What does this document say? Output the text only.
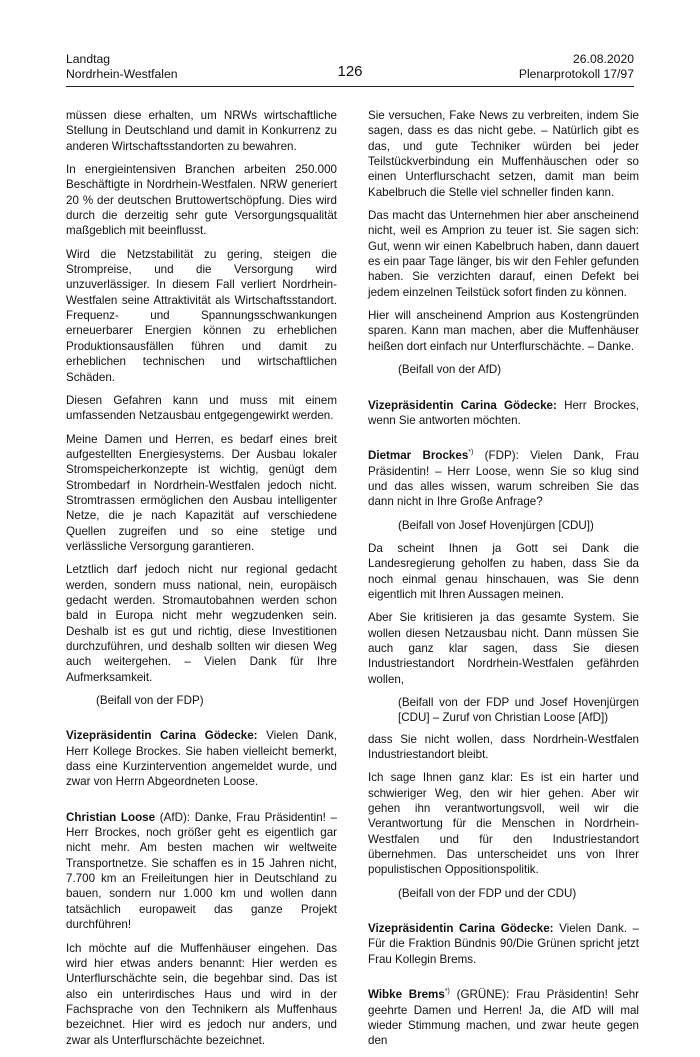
Landtag
Nordrhein-Westfalen	126
26.08.2020
Plenarprotokoll 17/97

müssen diese erhalten, um NRWs wirtschaftliche Stellung in Deutschland und damit in Konkurrenz zu anderen Wirtschaftsstandorten zu bewahren.

In energieintensiven Branchen arbeiten 250.000 Beschäftigte in Nordrhein-Westfalen. NRW generiert 20 % der deutschen Bruttowertschöpfung. Dies wird durch die derzeitig sehr gute Versorgungsqualität maßgeblich mit beeinflusst.

Wird die Netzstabilität zu gering, steigen die Strompreise, und die Versorgung wird unzuverlässiger. In diesem Fall verliert Nordrhein-Westfalen seine Attraktivität als Wirtschaftsstandort. Frequenz- und Spannungsschwankungen erneuerbarer Energien können zu erheblichen Produktionsausfällen führen und damit zu erheblichen technischen und wirtschaftlichen Schäden.

Diesen Gefahren kann und muss mit einem umfassenden Netzausbau entgegengewirkt werden.

Meine Damen und Herren, es bedarf eines breit aufgestellten Energiesystems. Der Ausbau lokaler Stromspeicherkonzepte ist wichtig, genügt dem Strombedarf in Nordrhein-Westfalen jedoch nicht. Stromtrassen ermöglichen den Ausbau intelligenter Netze, die je nach Kapazität auf verschiedene Quellen zugreifen und so eine stetige und verlässliche Versorgung garantieren.

Letztlich darf jedoch nicht nur regional gedacht werden, sondern muss national, nein, europäisch gedacht werden. Stromautobahnen werden schon bald in Europa nicht mehr wegzudenken sein. Deshalb ist es gut und richtig, diese Investitionen durchzuführen, und deshalb sollten wir diesen Weg auch weitergehen. – Vielen Dank für Ihre Aufmerksamkeit.

(Beifall von der FDP)

Vizepräsidentin Carina Gödecke: Vielen Dank, Herr Kollege Brockes. Sie haben vielleicht bemerkt, dass eine Kurzintervention angemeldet wurde, und zwar von Herrn Abgeordneten Loose.

Christian Loose (AfD): Danke, Frau Präsidentin! – Herr Brockes, noch größer geht es eigentlich gar nicht mehr. Am besten machen wir weltweite Transportnetze. Sie schaffen es in 15 Jahren nicht, 7.700 km an Freileitungen hier in Deutschland zu bauen, sondern nur 1.000 km und wollen dann tatsächlich europaweit das ganze Projekt durchführen!

Ich möchte auf die Muffenhäuser eingehen. Das wird hier etwas anders benannt: Hier werden es Unterflurschächte sein, die begehbar sind. Das ist also ein unterirdisches Haus und wird in der Fachsprache von den Technikern als Muffenhaus bezeichnet. Hier wird es jedoch nur anders, und zwar als Unterflurschächte bezeichnet.

Sie versuchen, Fake News zu verbreiten, indem Sie sagen, dass es das nicht gebe. – Natürlich gibt es das, und gute Techniker würden bei jeder Teilstückverbindung ein Muffenhäuschen oder so einen Unterflurschacht setzen, damit man beim Kabelbruch die Stelle viel schneller finden kann.

Das macht das Unternehmen hier aber anscheinend nicht, weil es Amprion zu teuer ist. Sie sagen sich: Gut, wenn wir einen Kabelbruch haben, dann dauert es ein paar Tage länger, bis wir den Fehler gefunden haben. Sie verzichten darauf, einen Defekt bei jedem einzelnen Teilstück sofort finden zu können.

Hier will anscheinend Amprion aus Kostengründen sparen. Kann man machen, aber die Muffenhäuser heißen dort einfach nur Unterflurschächte. – Danke.

(Beifall von der AfD)

Vizepräsidentin Carina Gödecke: Herr Brockes, wenn Sie antworten möchten.

Dietmar Brockes*) (FDP): Vielen Dank, Frau Präsidentin! – Herr Loose, wenn Sie so klug sind und das alles wissen, warum schreiben Sie das dann nicht in Ihre Große Anfrage?

(Beifall von Josef Hovenjürgen [CDU])

Da scheint Ihnen ja Gott sei Dank die Landesregierung geholfen zu haben, dass Sie da noch einmal genau hinschauen, was Sie denn eigentlich mit Ihren Aussagen meinen.

Aber Sie kritisieren ja das gesamte System. Sie wollen diesen Netzausbau nicht. Dann müssen Sie auch ganz klar sagen, dass Sie diesen Industriestandort Nordrhein-Westfalen gefährden wollen,

(Beifall von der FDP und Josef Hovenjürgen [CDU] – Zuruf von Christian Loose [AfD])

dass Sie nicht wollen, dass Nordrhein-Westfalen Industriestandort bleibt.

Ich sage Ihnen ganz klar: Es ist ein harter und schwieriger Weg, den wir hier gehen. Aber wir gehen ihn verantwortungsvoll, weil wir die Verantwortung für die Menschen in Nordrhein-Westfalen und für den Industriestandort übernehmen. Das unterscheidet uns von Ihrer populistischen Oppositionspolitik.

(Beifall von der FDP und der CDU)

Vizepräsidentin Carina Gödecke: Vielen Dank. – Für die Fraktion Bündnis 90/Die Grünen spricht jetzt Frau Kollegin Brems.

Wibke Brems*) (GRÜNE): Frau Präsidentin! Sehr geehrte Damen und Herren! Ja, die AfD will mal wieder Stimmung machen, und zwar heute gegen den
